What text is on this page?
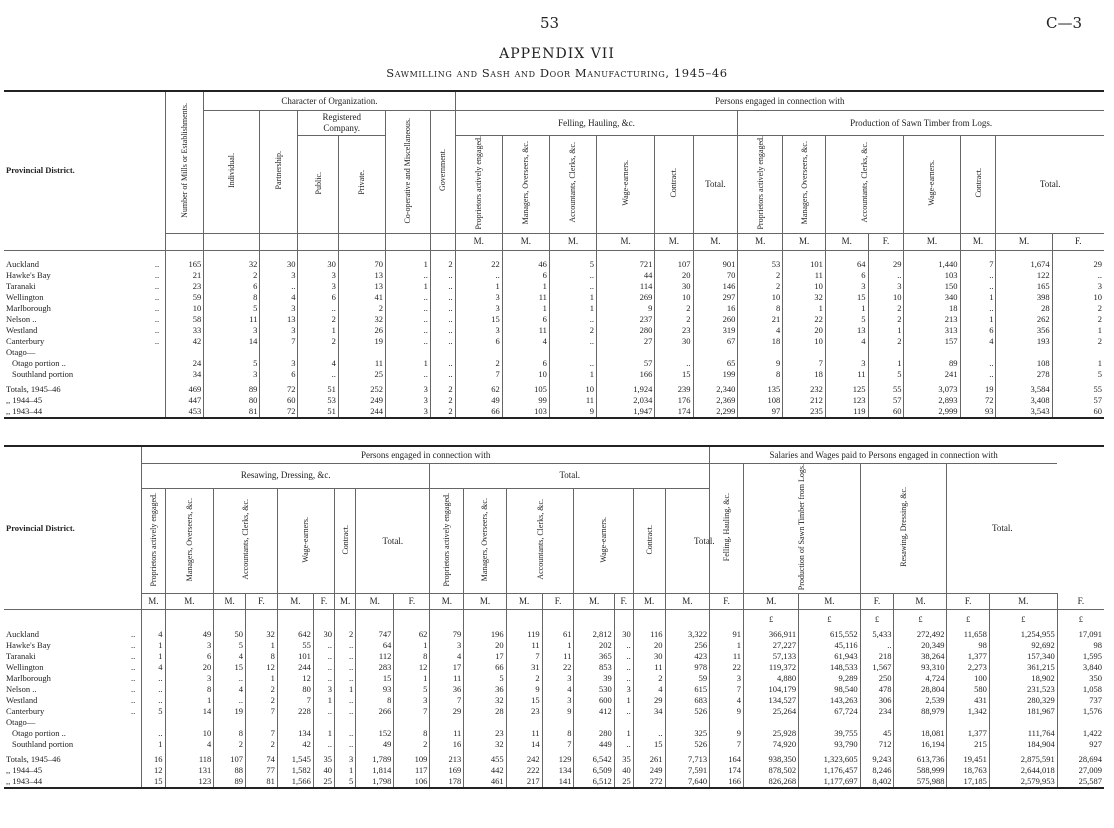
53	C—3
APPENDIX VII
Sawmilling and Sash and Door Manufacturing, 1945–46
Provincial District.	Number of Mills or Establishments.	Character of Organization.						Persons engaged in connection with													
		Individual.	Partnership.	Registered Company.		Co-operative and Miscellaneous.	Government.	Felling, Hauling, &c.						Production of Sawn Timber from Logs.							
				Public.	Private.			Proprietors actively engaged.	Managers, Overseers, &c.	Accountants, Clerks, &c.	Wage-earners.	Contract.	Total.	Proprietors actively engaged.	Managers, Overseers, &c.	Accountants, Clerks, &c.		Wage-earners.	Contract.	Total.	
								M.	M.	M.	M.	M.	M.	M.	M.	M.	F.	M.	M.	M.	F.

Auckland ..	165	32	30	30	70	1	2	22	46	5	721	107	901	53	101	64	29	1,440	7	1,674	29
Hawke's Bay ..	21	2	3	3	13	..	..	..	6	..	44	20	70	2	11	6	..	103	..	122	..
Taranaki ..	23	6	..	3	13	1	..	1	1	..	114	30	146	2	10	3	3	150	..	165	3
Wellington ..	59	8	4	6	41	..	..	3	11	1	269	10	297	10	32	15	10	340	1	398	10
Marlborough ..	10	5	3	..	2	..	..	3	1	1	9	2	16	8	1	1	2	18	..	28	2
Nelson .. ..	58	11	13	2	32	..	..	15	6	..	237	2	260	21	22	5	2	213	1	262	2
Westland ..	33	3	3	1	26	..	..	3	11	2	280	23	319	4	20	13	1	313	6	356	1
Canterbury ..	42	14	7	2	19	..	..	6	4	..	27	30	67	18	10	4	2	157	4	193	2
Otago—																					
Otago portion ..	24	5	3	4	11	1	..	2	6	..	57	..	65	9	7	3	1	89	..	108	1
Southland portion	34	3	6	..	25	..	..	7	10	1	166	15	199	8	18	11	5	241	..	278	5

Totals, 1945–46	469	89	72	51	252	3	2	62	105	10	1,924	239	2,340	135	232	125	55	3,073	19	3,584	55
,, 1944–45	447	80	60	53	249	3	2	49	99	11	2,034	176	2,369	108	212	123	57	2,893	72	3,408	57
,, 1943–44	453	81	72	51	244	3	2	66	103	9	1,947	174	2,299	97	235	119	60	2,999	93	3,543	60
Provincial District.	Persons engaged in connection with																	Salaries and Wages paid to Persons engaged in connection with							
	Resawing, Dressing, &c.									Total.								Felling, Hauling, &c.	Production of Sawn Timber from Logs.		Resawing, Dressing, &c.		Total.		
	Proprietors actively engaged.	Managers, Overseers, &c.	Accountants, Clerks, &c.		Wage-earners.		Contract.	Total.		Proprietors actively engaged.	Managers, Overseers, &c.	Accountants, Clerks, &c.		Wage-earners.		Contract.	Total.								
	M.	M.	M.	F.	M.	F.	M.	M.	F.	M.	M.	M.	F.	M.	F.	M.	M.	F.	M.	M.	F.	M.	F.	M.	F.

																			£	£	£	£	£	£	£
Auckland ..	4	49	50	32	642	30	2	747	62	79	196	119	61	2,812	30	116	3,322	91	366,911	615,552	5,433	272,492	11,658	1,254,955	17,091
Hawke's Bay ..	1	3	5	1	55	..	..	64	1	3	20	11	1	202	..	20	256	1	27,227	45,116	..	20,349	98	92,692	98
Taranaki ..	1	6	4	8	101	..	..	112	8	4	17	7	11	365	..	30	423	11	57,133	61,943	218	38,264	1,377	157,340	1,595
Wellington ..	4	20	15	12	244	..	..	283	12	17	66	31	22	853	..	11	978	22	119,372	148,533	1,567	93,310	2,273	361,215	3,840
Marlborough ..	..	3	..	1	12	..	..	15	1	11	5	2	3	39	..	2	59	3	4,880	9,289	250	4,724	100	18,902	350
Nelson .. ..	..	8	4	2	80	3	1	93	5	36	36	9	4	530	3	4	615	7	104,179	98,540	478	28,804	580	231,523	1,058
Westland ..	..	1	..	2	7	1	..	8	3	7	32	15	3	600	1	29	683	4	134,527	143,263	306	2,539	431	280,329	737
Canterbury ..	5	14	19	7	228	..	..	266	7	29	28	23	9	412	..	34	526	9	25,264	67,724	234	88,979	1,342	181,967	1,576
Otago—																									
Otago portion ..	..	10	8	7	134	1	..	152	8	11	23	11	8	280	1	..	325	9	25,928	39,755	45	18,081	1,377	111,764	1,422
Southland portion	1	4	2	2	42	..	..	49	2	16	32	14	7	449	..	15	526	7	74,920	93,790	712	16,194	215	184,904	927

Totals, 1945–46	16	118	107	74	1,545	35	3	1,789	109	213	455	242	129	6,542	35	261	7,713	164	938,350	1,323,605	9,243	613,736	19,451	2,875,591	28,694
,, 1944–45	12	131	88	77	1,582	40	1	1,814	117	169	442	222	134	6,509	40	249	7,591	174	878,502	1,176,457	8,246	588,999	18,763	2,644,018	27,009
,, 1943–44	15	123	89	81	1,566	25	5	1,798	106	178	461	217	141	6,512	25	272	7,640	166	826,268	1,177,697	8,402	575,988	17,185	2,579,953	25,587
